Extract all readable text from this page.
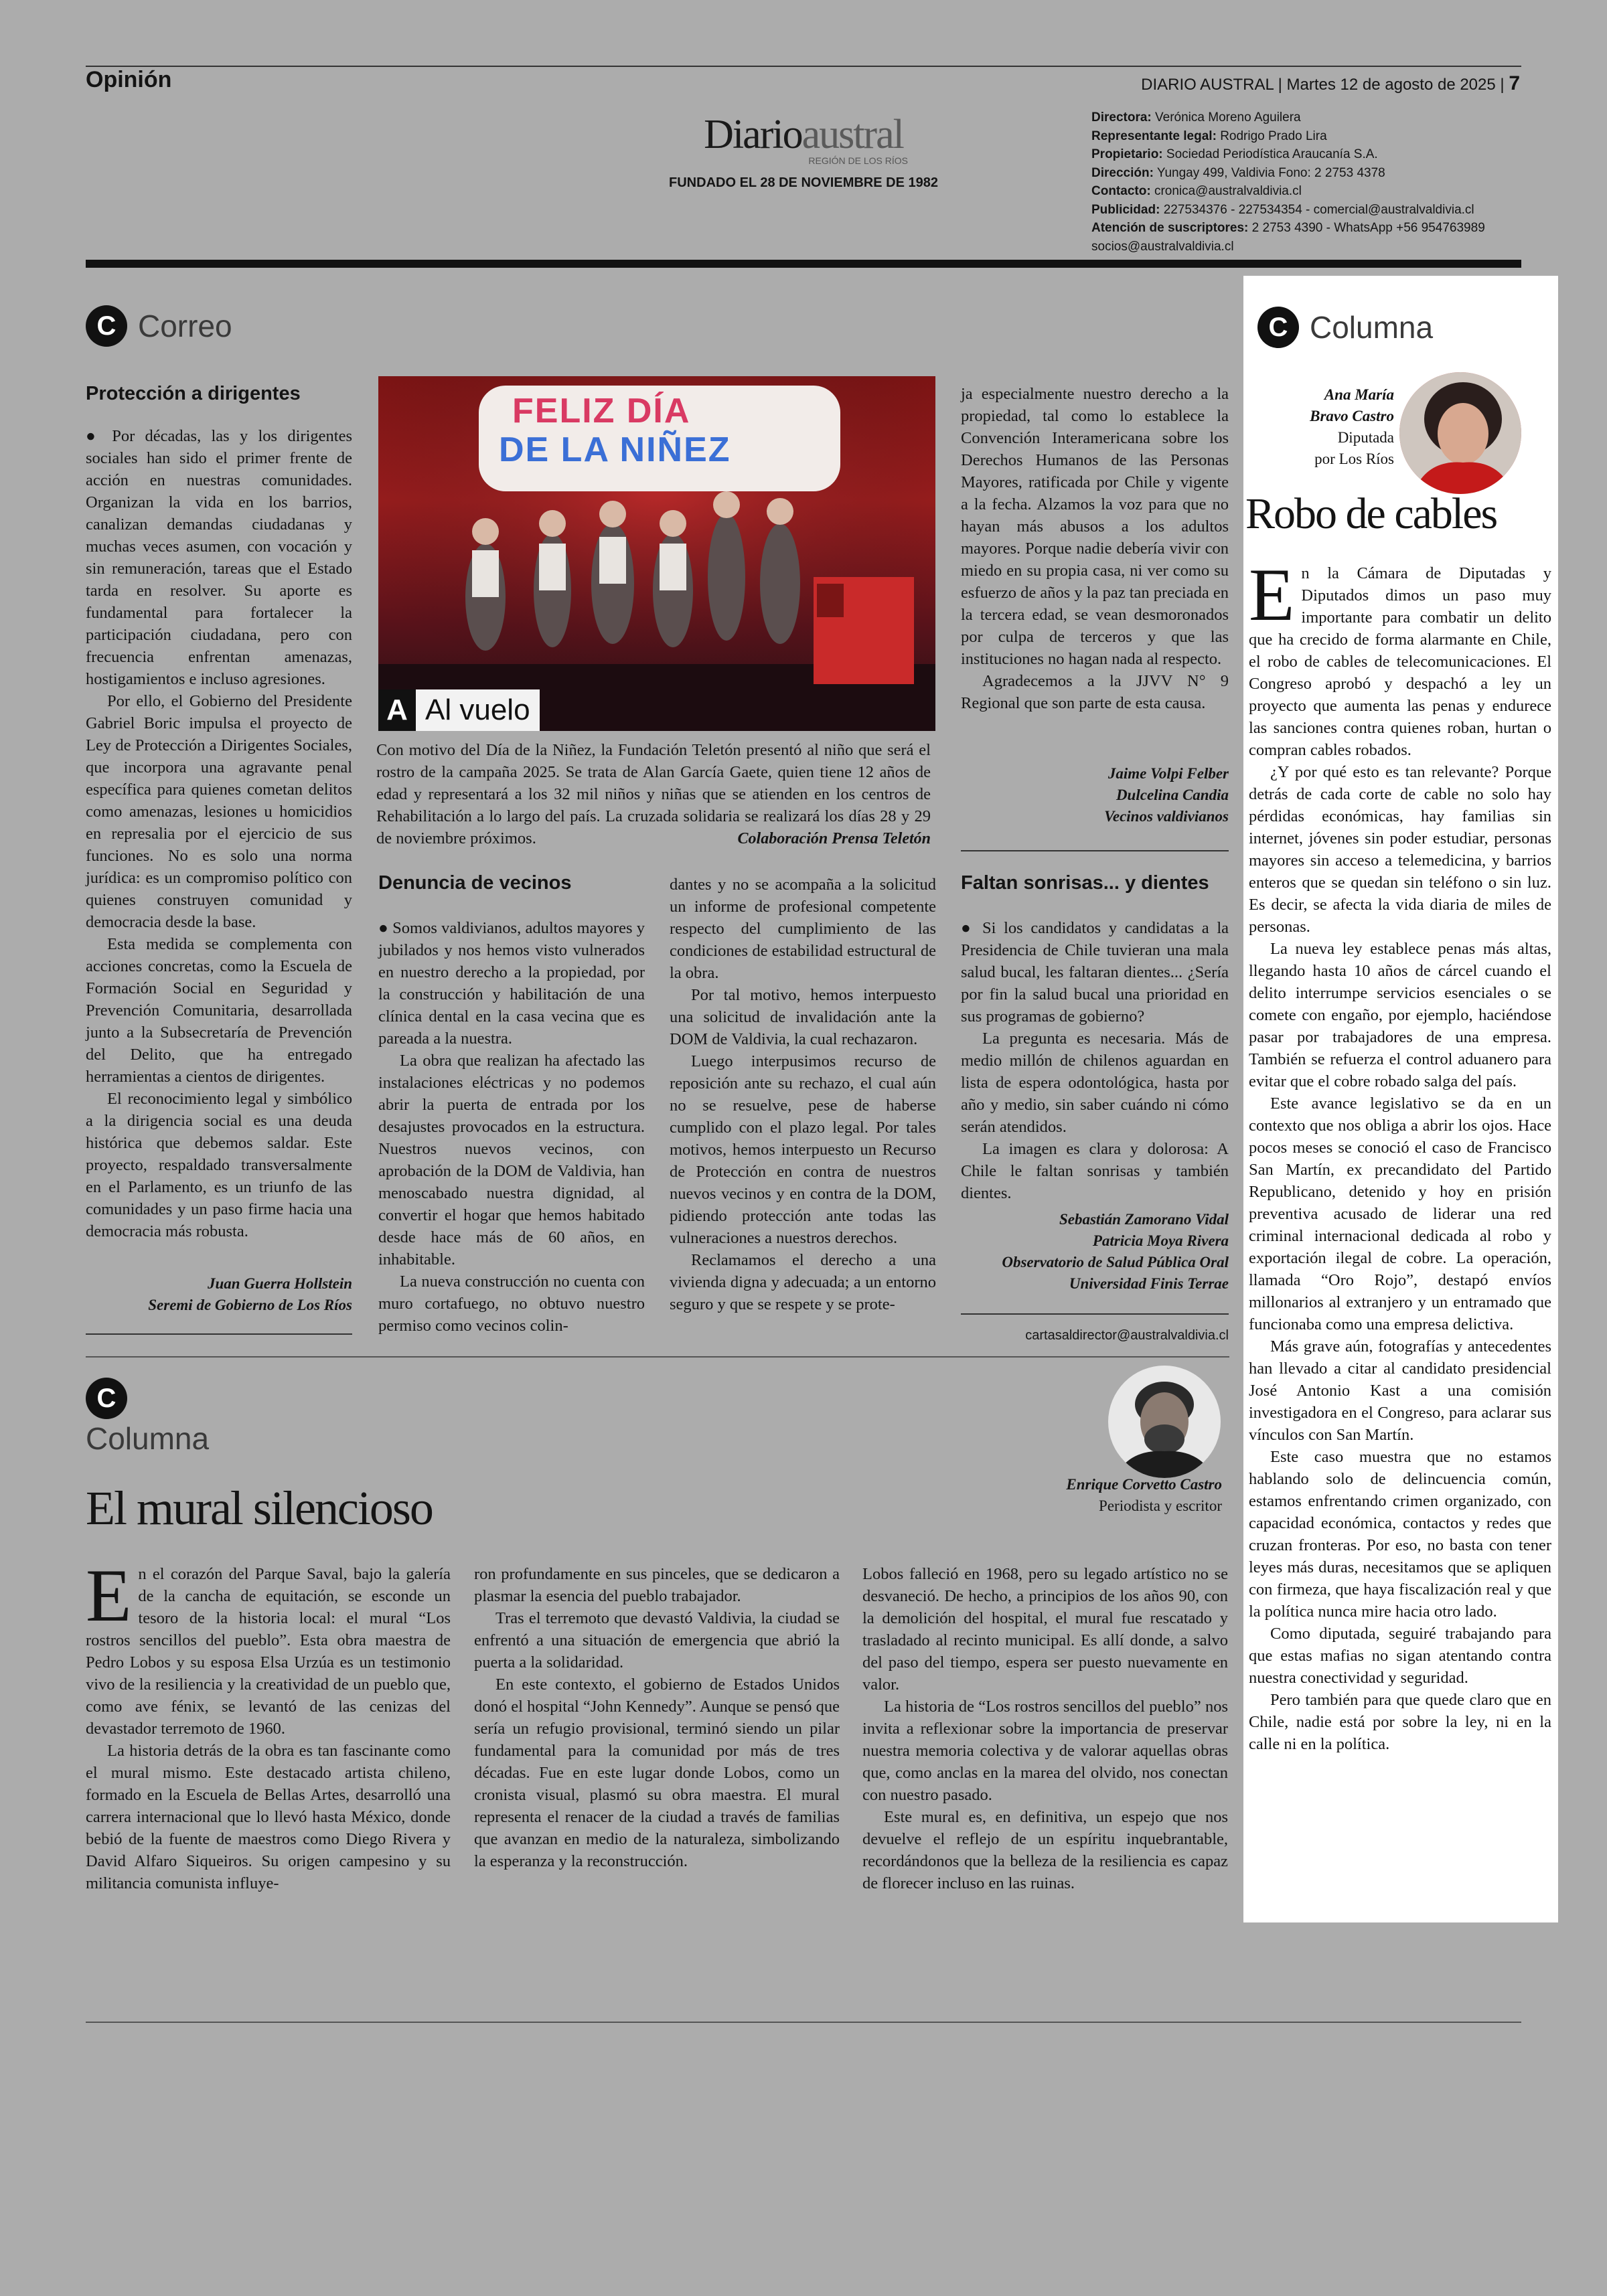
Opinión	DIARIO AUSTRAL | Martes 12 de agosto de 2025 | 7
Diarioaustral
REGIÓN DE LOS RÍOS
FUNDADO EL 28 DE NOVIEMBRE DE 1982
Directora: Verónica Moreno Aguilera
Representante legal: Rodrigo Prado Lira
Propietario: Sociedad Periodística Araucanía S.A.
Dirección: Yungay 499, Valdivia Fono: 2 2753 4378
Contacto: cronica@australvaldivia.cl
Publicidad: 227534376 - 227534354 - comercial@australvaldivia.cl
Atención de suscriptores: 2 2753 4390 - WhatsApp +56 954763989
socios@australvaldivia.cl
C Correo
Protección a dirigentes

● Por décadas, las y los dirigentes sociales han sido el primer frente de acción en nuestras comunidades. Organizan la vida en los barrios, canalizan demandas ciudadanas y muchas veces asumen, con vocación y sin remuneración, tareas que el Estado tarda en resolver. Su aporte es fundamental para fortalecer la participación ciudadana, pero con frecuencia enfrentan amenazas, hostigamientos e incluso agresiones.

Por ello, el Gobierno del Presidente Gabriel Boric impulsa el proyecto de Ley de Protección a Dirigentes Sociales, que incorpora una agravante penal específica para quienes cometan delitos como amenazas, lesiones u homicidios en represalia por el ejercicio de sus funciones. No es solo una norma jurídica: es un compromiso político con quienes construyen comunidad y democracia desde la base.

Esta medida se complementa con acciones concretas, como la Escuela de Formación Social en Seguridad y Prevención Comunitaria, desarrollada junto a la Subsecretaría de Prevención del Delito, que ha entregado herramientas a cientos de dirigentes.

El reconocimiento legal y simbólico a la dirigencia social es una deuda histórica que debemos saldar. Este proyecto, respaldado transversalmente en el Parlamento, es un triunfo de las comunidades y un paso firme hacia una democracia más robusta.

Juan Guerra Hollstein
Seremi de Gobierno de Los Ríos
FELIZ DÍA
DE LA NIÑEZ
A Al vuelo
Con motivo del Día de la Niñez, la Fundación Teletón presentó al niño que será el rostro de la campaña 2025. Se trata de Alan García Gaete, quien tiene 12 años de edad y representará a los 32 mil niños y niñas que se atienden en los centros de Rehabilitación a lo largo del país. La cruzada solidaria se realizará los días 28 y 29 de noviembre próximos.	Colaboración Prensa Teletón

ja especialmente nuestro derecho a la propiedad, tal como lo establece la Convención Interamericana sobre los Derechos Humanos de las Personas Mayores, ratificada por Chile y vigente a la fecha. Alzamos la voz para que no hayan más abusos a los adultos mayores. Porque nadie debería vivir con miedo en su propia casa, ni ver como su esfuerzo de años y la paz tan preciada en la tercera edad, se vean desmoronados por culpa de terceros y que las instituciones no hagan nada al respecto.

Agradecemos a la JJVV N° 9 Regional que son parte de esta causa.

Jaime Volpi Felber
Dulcelina Candia
Vecinos valdivianos
Denuncia de vecinos

● Somos valdivianos, adultos mayores y jubilados y nos hemos visto vulnerados en nuestro derecho a la propiedad, por la construcción y habilitación de una clínica dental en la casa vecina que es pareada a la nuestra.

La obra que realizan ha afectado las instalaciones eléctricas y no podemos abrir la puerta de entrada por los desajustes provocados en la estructura. Nuestros nuevos vecinos, con aprobación de la DOM de Valdivia, han menoscabado nuestra dignidad, al convertir el hogar que hemos habitado desde hace más de 60 años, en inhabitable.

La nueva construcción no cuenta con muro cortafuego, no obtuvo nuestro permiso como vecinos colin-

dantes y no se acompaña a la solicitud un informe de profesional competente respecto del cumplimiento de las condiciones de estabilidad estructural de la obra.

Por tal motivo, hemos interpuesto una solicitud de invalidación ante la DOM de Valdivia, la cual rechazaron.

Luego interpusimos recurso de reposición ante su rechazo, el cual aún no se resuelve, pese de haberse cumplido con el plazo legal. Por tales motivos, hemos interpuesto un Recurso de Protección en contra de nuestros nuevos vecinos y en contra de la DOM, pidiendo protección ante todas las vulneraciones a nuestros derechos.

Reclamamos el derecho a una vivienda digna y adecuada; a un entorno seguro y que se respete y se prote-

Faltan sonrisas... y dientes

● Si los candidatos y candidatas a la Presidencia de Chile tuvieran una mala salud bucal, les faltaran dientes... ¿Sería por fin la salud bucal una prioridad en sus programas de gobierno?

La pregunta es necesaria. Más de medio millón de chilenos aguardan en lista de espera odontológica, hasta por año y medio, sin saber cuándo ni cómo serán atendidos.

La imagen es clara y dolorosa: A Chile le faltan sonrisas y también dientes.

Sebastián Zamorano Vidal
Patricia Moya Rivera
Observatorio de Salud Pública Oral
Universidad Finis Terrae
cartasaldirector@australvaldivia.cl
C Columna
Ana María
Bravo Castro
Diputada
por Los Ríos
Robo de cables

En la Cámara de Diputadas y Diputados dimos un paso muy importante para combatir un delito que ha crecido de forma alarmante en Chile, el robo de cables de telecomunicaciones. El Congreso aprobó y despachó a ley un proyecto que aumenta las penas y endurece las sanciones contra quienes roban, hurtan o compran cables robados.

¿Y por qué esto es tan relevante? Porque detrás de cada corte de cable no solo hay pérdidas económicas, hay familias sin internet, jóvenes sin poder estudiar, personas mayores sin acceso a telemedicina, y barrios enteros que se quedan sin teléfono o sin luz. Es decir, se afecta la vida diaria de miles de personas.

La nueva ley establece penas más altas, llegando hasta 10 años de cárcel cuando el delito interrumpe servicios esenciales o se comete con engaño, por ejemplo, haciéndose pasar por trabajadores de una empresa. También se refuerza el control aduanero para evitar que el cobre robado salga del país.

Este avance legislativo se da en un contexto que nos obliga a abrir los ojos. Hace pocos meses se conoció el caso de Francisco San Martín, ex precandidato del Partido Republicano, detenido y hoy en prisión preventiva acusado de liderar una red criminal internacional dedicada al robo y exportación ilegal de cobre. La operación, llamada “Oro Rojo”, destapó envíos millonarios al extranjero y un entramado que funcionaba como una empresa delictiva.

Más grave aún, fotografías y antecedentes han llevado a citar al candidato presidencial José Antonio Kast a una comisión investigadora en el Congreso, para aclarar sus vínculos con San Martín.

Este caso muestra que no estamos hablando solo de delincuencia común, estamos enfrentando crimen organizado, con capacidad económica, contactos y redes que cruzan fronteras. Por eso, no basta con tener leyes más duras, necesitamos que se apliquen con firmeza, que haya fiscalización real y que la política nunca mire hacia otro lado.

Como diputada, seguiré trabajando para que estas mafias no sigan atentando contra nuestra conectividad y seguridad.

Pero también para que quede claro que en Chile, nadie está por sobre la ley, ni en la calle ni en la política.

C
Columna
Enrique Corvetto Castro
Periodista y escritor
El mural silencioso

En el corazón del Parque Saval, bajo la galería de la cancha de equitación, se esconde un tesoro de la historia local: el mural “Los rostros sencillos del pueblo”. Esta obra maestra de Pedro Lobos y su esposa Elsa Urzúa es un testimonio vivo de la resiliencia y la creatividad de un pueblo que, como ave fénix, se levantó de las cenizas del devastador terremoto de 1960.

La historia detrás de la obra es tan fascinante como el mural mismo. Este destacado artista chileno, formado en la Escuela de Bellas Artes, desarrolló una carrera internacional que lo llevó hasta México, donde bebió de la fuente de maestros como Diego Rivera y David Alfaro Siqueiros. Su origen campesino y su militancia comunista influye-

ron profundamente en sus pinceles, que se dedicaron a plasmar la esencia del pueblo trabajador.

Tras el terremoto que devastó Valdivia, la ciudad se enfrentó a una situación de emergencia que abrió la puerta a la solidaridad.

En este contexto, el gobierno de Estados Unidos donó el hospital “John Kennedy”. Aunque se pensó que sería un refugio provisional, terminó siendo un pilar fundamental para la comunidad por más de tres décadas. Fue en este lugar donde Lobos, como un cronista visual, plasmó su obra maestra. El mural representa el renacer de la ciudad a través de familias que avanzan en medio de la naturaleza, simbolizando la esperanza y la reconstrucción.

Lobos falleció en 1968, pero su legado artístico no se desvaneció. De hecho, a principios de los años 90, con la demolición del hospital, el mural fue rescatado y trasladado al recinto municipal. Es allí donde, a salvo del paso del tiempo, espera ser puesto nuevamente en valor.

La historia de “Los rostros sencillos del pueblo” nos invita a reflexionar sobre la importancia de preservar nuestra memoria colectiva y de valorar aquellas obras que, como anclas en la marea del olvido, nos conectan con nuestro pasado.

Este mural es, en definitiva, un espejo que nos devuelve el reflejo de un espíritu inquebrantable, recordándonos que la belleza de la resiliencia es capaz de florecer incluso en las ruinas.
